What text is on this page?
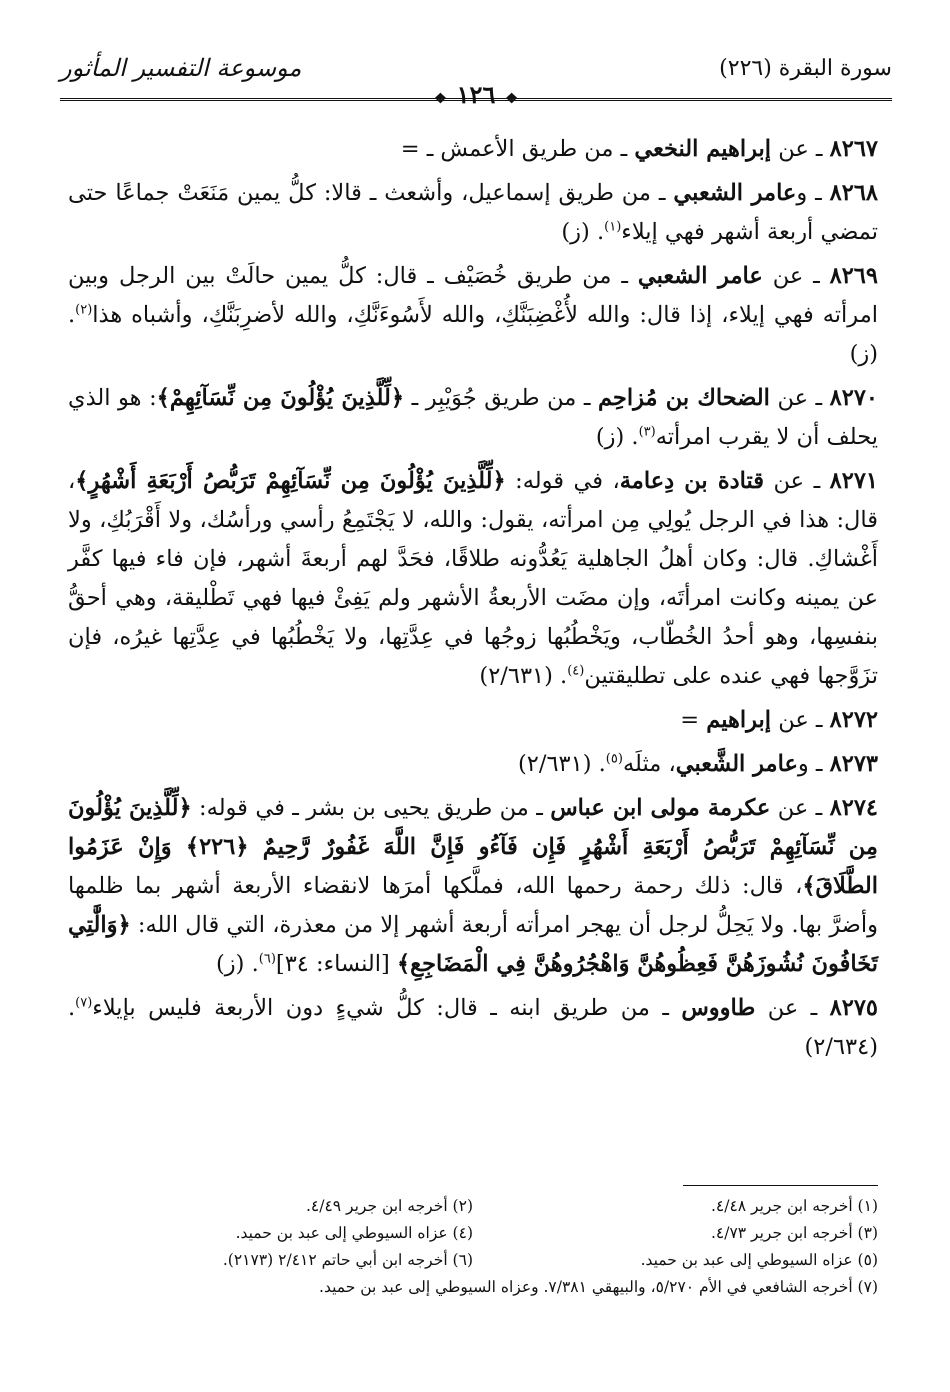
سورة البقرة (٢٢٦)
موسوعة التفسير المأثور
❖١٢٦❖

٨٢٦٧ ـ عن إبراهيم النخعي ـ من طريق الأعمش ـ =

٨٢٦٨ ـ وعامر الشعبي ـ من طريق إسماعيل، وأشعث ـ قالا: كلُّ يمين مَنَعَتْ جماعًا حتى تمضي أربعة أشهر فهي إيلاء$^{(١)}$. (ز)

٨٢٦٩ ـ عن عامر الشعبي ـ من طريق خُصَيْف ـ قال: كلُّ يمين حالَتْ بين الرجل وبين امرأته فهي إيلاء، إذا قال: والله لأُغْضِبَنَّكِ، والله لأَسُوءَنَّكِ، والله لأضرِبَنَّكِ، وأشباه هذا$^{(٢)}$. (ز)

٨٢٧٠ ـ عن الضحاك بن مُزاحِم ـ من طريق جُوَيْبِر ـ ﴿لِّلَّذِينَ يُؤْلُونَ مِن نِّسَآئِهِمْ﴾: هو الذي يحلف أن لا يقرب امرأته$^{(٣)}$. (ز)

٨٢٧١ ـ عن قتادة بن دِعامة، في قوله: ﴿لِّلَّذِينَ يُؤْلُونَ مِن نِّسَآئِهِمْ تَرَبُّصُ أَرْبَعَةِ أَشْهُرٍ﴾، قال: هذا في الرجل يُولِي مِن امرأته، يقول: والله، لا يَجْتَمِعُ رأسي ورأسُك، ولا أَقْرَبُكِ، ولا أَغْشاكِ. قال: وكان أهلُ الجاهلية يَعُدُّونه طلاقًا، فحَدَّ لهم أربعةَ أشهر، فإن فاء فيها كفَّر عن يمينه وكانت امرأتَه، وإن مضَت الأربعةُ الأشهر ولم يَفِئْ فيها فهي تَطْليقة، وهي أحقُّ بنفسِها، وهو أحدُ الخُطّاب، ويَخْطُبُها زوجُها في عِدَّتِها، ولا يَخْطُبُها في عِدَّتِها غيرُه، فإن تزَوَّجها فهي عنده على تطليقتين$^{(٤)}$. (٢/٦٣١)

٨٢٧٢ ـ عن إبراهيم =

٨٢٧٣ ـ وعامر الشَّعبي، مثلَه$^{(٥)}$. (٢/٦٣١)

٨٢٧٤ ـ عن عكرمة مولى ابن عباس ـ من طريق يحيى بن بشر ـ في قوله: ﴿لِّلَّذِينَ يُؤْلُونَ مِن نِّسَآئِهِمْ تَرَبُّصُ أَرْبَعَةِ أَشْهُرٍ فَإِن فَآءُو فَإِنَّ اللَّهَ غَفُورٌ رَّحِيمٌ ﴿٢٢٦﴾ وَإِنْ عَزَمُوا الطَّلَاقَ﴾، قال: ذلك رحمة رحمها الله، فملَّكها أمرَها لانقضاء الأربعة أشهر بما ظلمها وأضرَّ بها. ولا يَحِلُّ لرجل أن يهجر امرأته أربعة أشهر إلا من معذرة، التي قال الله: ﴿وَالَّٰتِي تَخَافُونَ نُشُوزَهُنَّ فَعِظُوهُنَّ وَاهْجُرُوهُنَّ فِي الْمَضَاجِعِ﴾ [النساء: ٣٤]$^{(٦)}$. (ز)

٨٢٧٥ ـ عن طاووس ـ من طريق ابنه ـ قال: كلُّ شيءٍ دون الأربعة فليس بإيلاء$^{(٧)}$. (٢/٦٣٤)

(١) أخرجه ابن جرير ٤/٤٨.
(٢) أخرجه ابن جرير ٤/٤٩.
(٣) أخرجه ابن جرير ٤/٧٣.
(٤) عزاه السيوطي إلى عبد بن حميد.
(٥) عزاه السيوطي إلى عبد بن حميد.
(٦) أخرجه ابن أبي حاتم ٢/٤١٢ (٢١٧٣).
(٧) أخرجه الشافعي في الأم ٥/٢٧٠، والبيهقي ٧/٣٨١. وعزاه السيوطي إلى عبد بن حميد.
